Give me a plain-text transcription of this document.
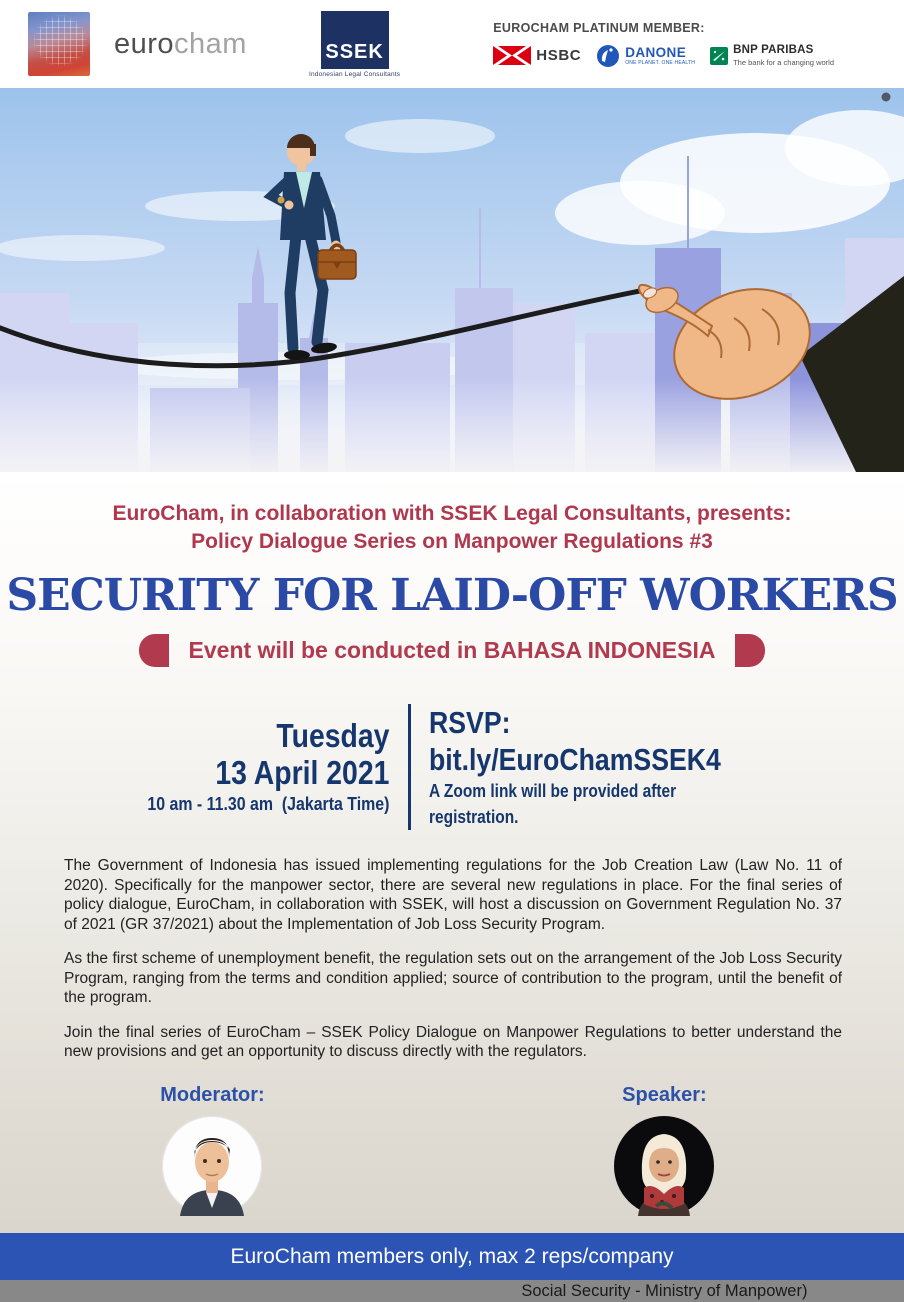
eurocham	SSEK
Indonesian Legal Consultants
EUROCHAM PLATINUM MEMBER:
HSBC	DANONE
ONE PLANET. ONE HEALTH
BNP PARIBAS
The bank for a changing world
EuroCham, in collaboration with SSEK Legal Consultants, presents:
Policy Dialogue Series on Manpower Regulations #3
SECURITY FOR LAID-OFF WORKERS
Event will be conducted in BAHASA INDONESIA
Tuesday
13 April 2021
10 am - 11.30 am  (Jakarta Time)
RSVP:
bit.ly/EuroChamSSEK4
A Zoom link will be provided after registration.

The Government of Indonesia has issued implementing regulations for the Job Creation Law (Law No. 11 of 2020). Specifically for the manpower sector, there are several new regulations in place. For the final series of policy dialogue, EuroCham, in collaboration with SSEK, will host a discussion on Government Regulation No. 37 of 2021 (GR 37/2021) about the Implementation of Job Loss Security Program.

As the first scheme of unemployment benefit, the regulation sets out on the arrangement of the Job Loss Security Program, ranging from the terms and condition applied; source of contribution to the program, until the benefit of the program.

Join the final series of EuroCham – SSEK Policy Dialogue on Manpower Regulations to better understand the new provisions and get an opportunity to discuss directly with the regulators.

Moderator:	Speaker:
Social Security - Ministry of Manpower)
EuroCham members only, max 2 reps/company
